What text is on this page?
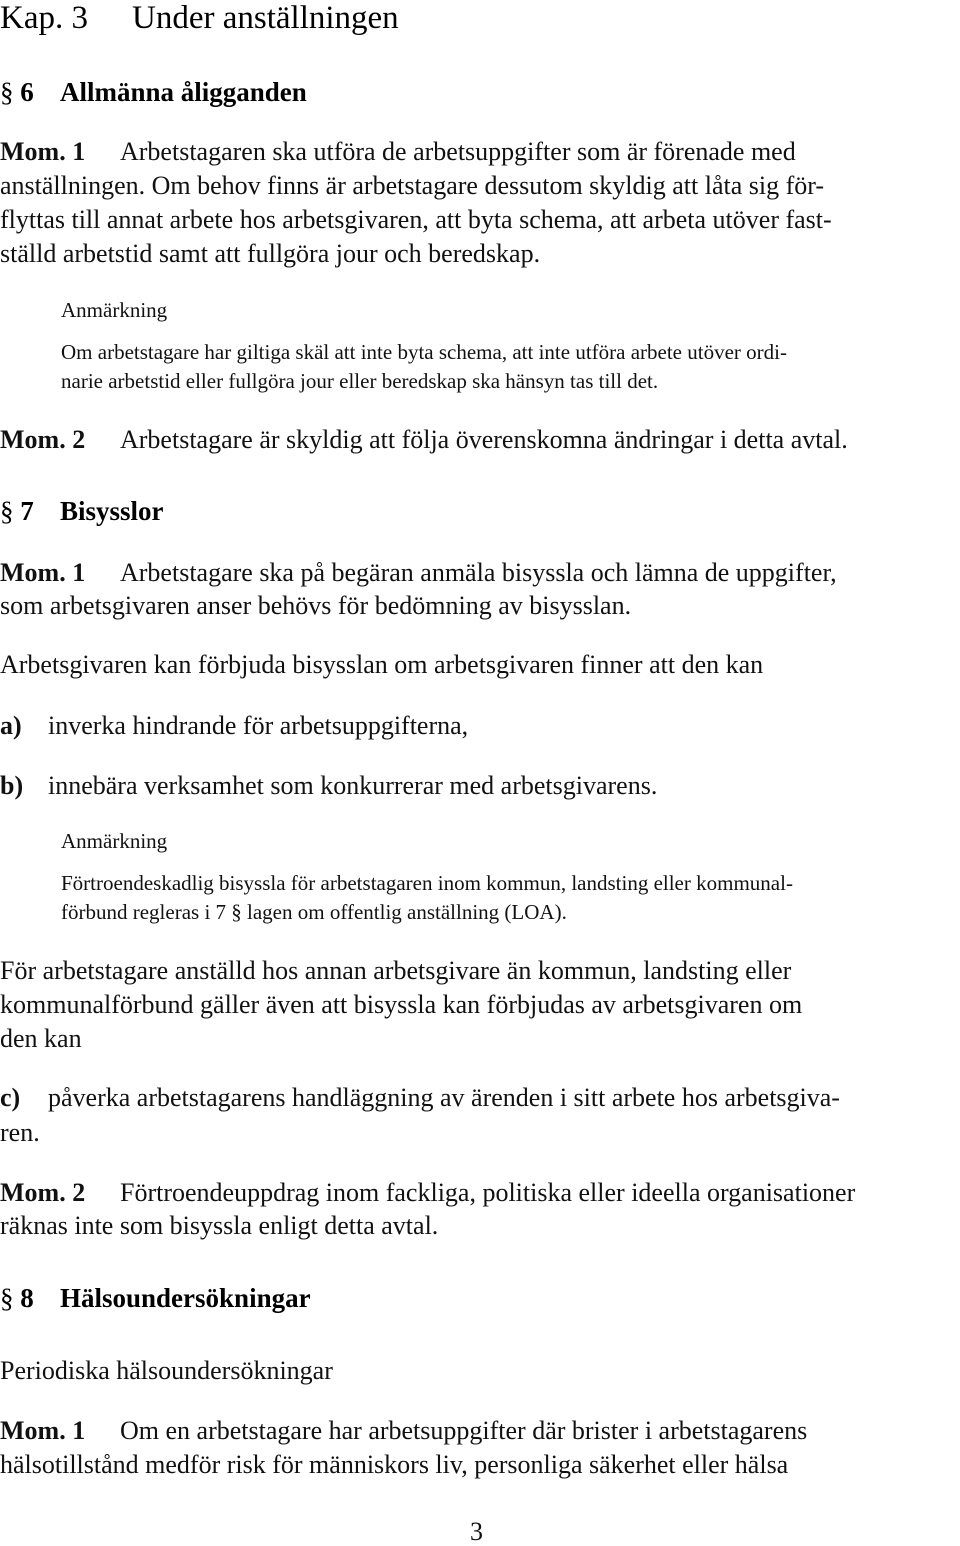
Kap. 3 Under anställningen
§ 6 Allmänna åligganden
Mom. 1 Arbetstagaren ska utföra de arbetsuppgifter som är förenade med
anställningen. Om behov finns är arbetstagare dessutom skyldig att låta sig för-
flyttas till annat arbete hos arbetsgivaren, att byta schema, att arbeta utöver fast-
ställd arbetstid samt att fullgöra jour och beredskap.
Anmärkning
Om arbetstagare har giltiga skäl att inte byta schema, att inte utföra arbete utöver ordi-
narie arbetstid eller fullgöra jour eller beredskap ska hänsyn tas till det.
Mom. 2 Arbetstagare är skyldig att följa överenskomna ändringar i detta avtal.
§ 7 Bisysslor
Mom. 1 Arbetstagare ska på begäran anmäla bisyssla och lämna de uppgifter,
som arbetsgivaren anser behövs för bedömning av bisysslan.
Arbetsgivaren kan förbjuda bisysslan om arbetsgivaren finner att den kan
a) inverka hindrande för arbetsuppgifterna,
b) innebära verksamhet som konkurrerar med arbetsgivarens.
Anmärkning
Förtroendeskadlig bisyssla för arbetstagaren inom kommun, landsting eller kommunal-
förbund regleras i 7 § lagen om offentlig anställning (LOA).
För arbetstagare anställd hos annan arbetsgivare än kommun, landsting eller
kommunalförbund gäller även att bisyssla kan förbjudas av arbetsgivaren om
den kan
c) påverka arbetstagarens handläggning av ärenden i sitt arbete hos arbetsgiva-
ren.
Mom. 2 Förtroendeuppdrag inom fackliga, politiska eller ideella organisationer
räknas inte som bisyssla enligt detta avtal.
§ 8 Hälsoundersökningar
Periodiska hälsoundersökningar
Mom. 1 Om en arbetstagare har arbetsuppgifter där brister i arbetstagarens
hälsotillstånd medför risk för människors liv, personliga säkerhet eller hälsa
3
